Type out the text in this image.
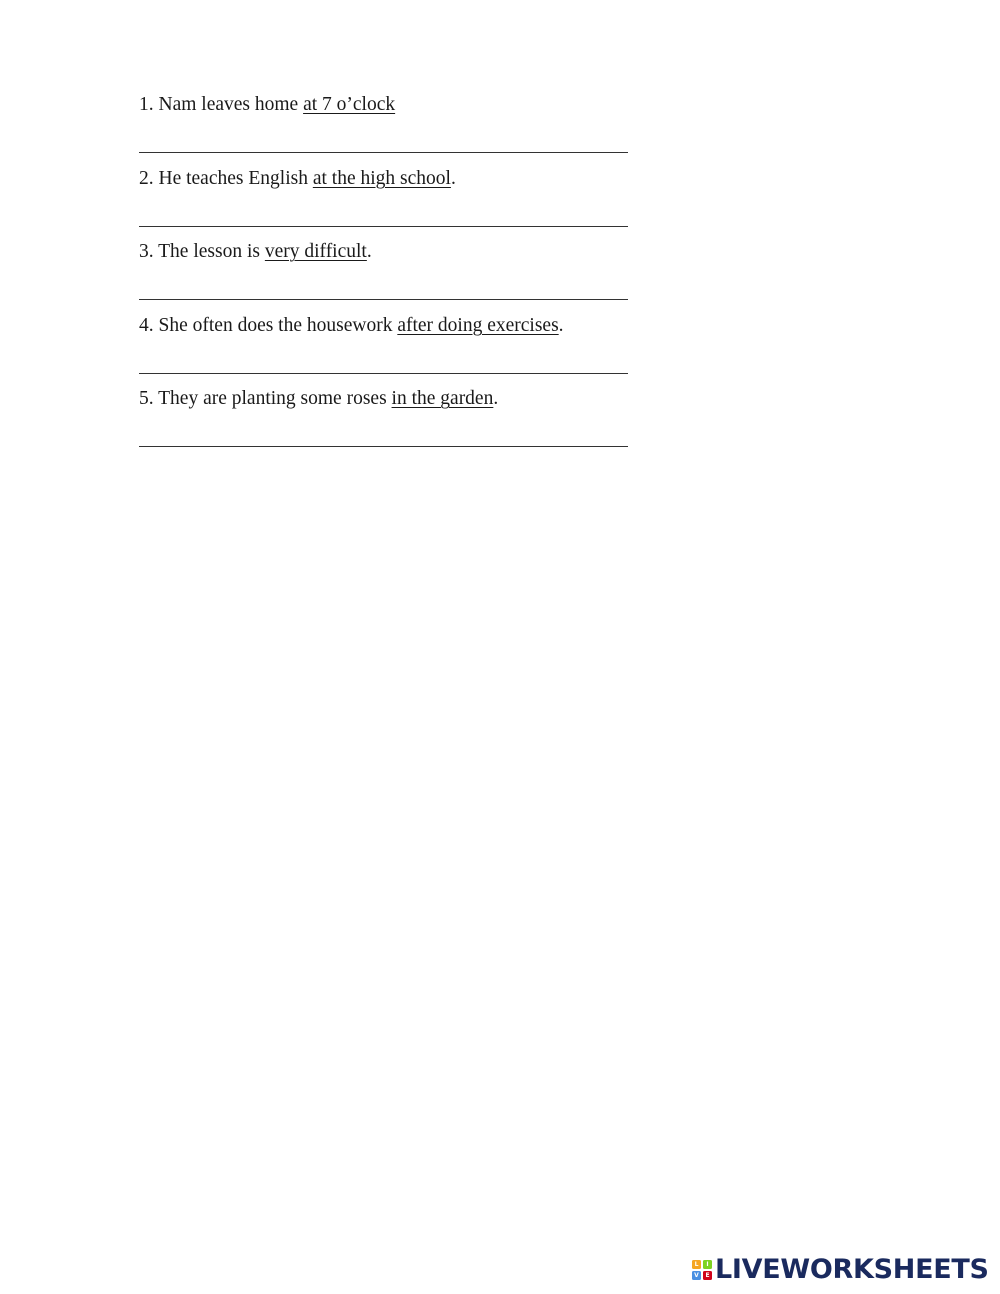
1. Nam leaves home at 7 o’clock
2. He teaches English at the high school.
3. The lesson is very difficult.
4. She often does the housework after doing exercises.
5. They are planting some roses in the garden.
L	I
V	E LIVEWORKSHEETS
